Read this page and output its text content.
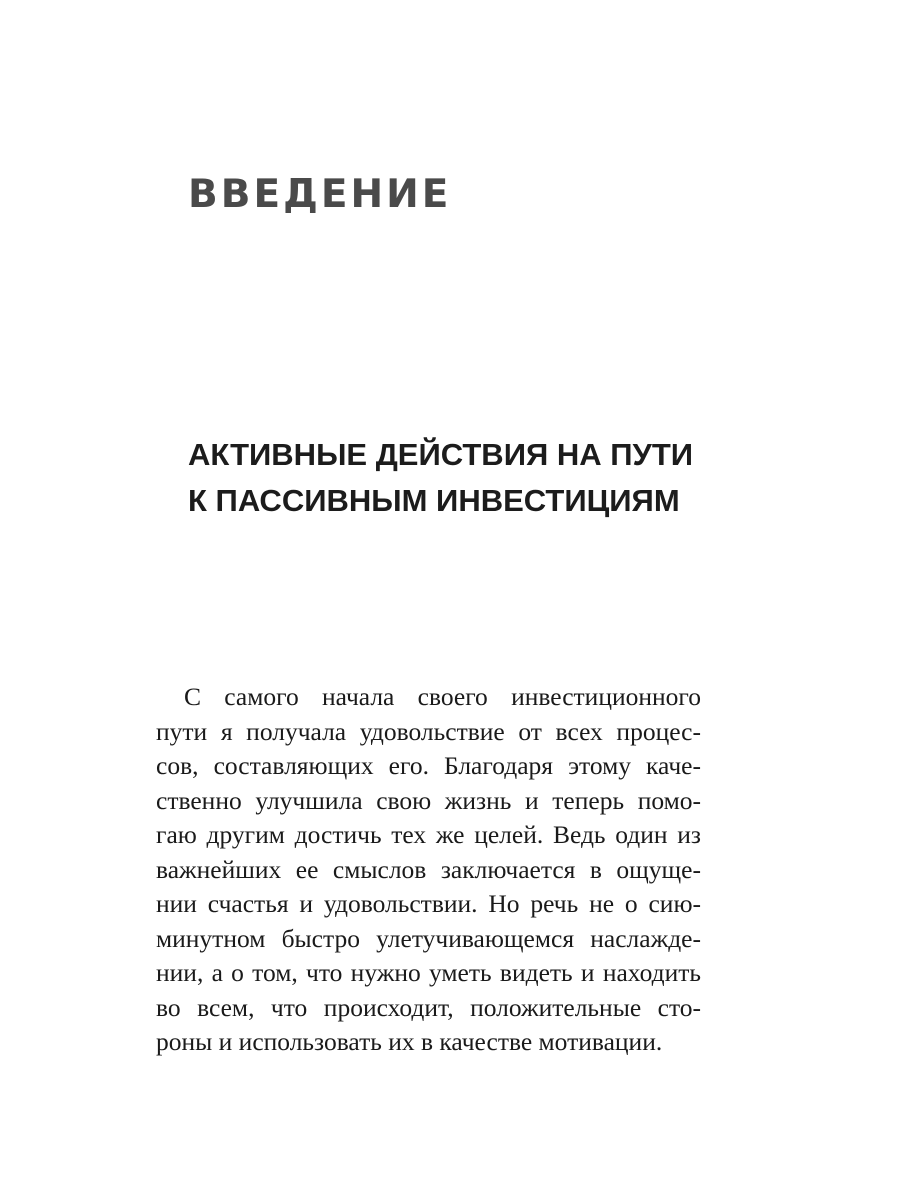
ВВЕДЕНИЕ
АКТИВНЫЕ ДЕЙСТВИЯ НА ПУТИ
К ПАССИВНЫМ ИНВЕСТИЦИЯМ

С самого начала своего инвестиционного
пути я получала удовольствие от всех процес-
сов, составляющих его. Благодаря этому каче-
ственно улучшила свою жизнь и теперь помо-
гаю другим достичь тех же целей. Ведь один из
важнейших ее смыслов заключается в ощуще-
нии счастья и удовольствии. Но речь не о сию-
минутном быстро улетучивающемся наслажде-
нии, а о том, что нужно уметь видеть и находить
во всем, что происходит, положительные сто-
роны и использовать их в качестве мотивации.
